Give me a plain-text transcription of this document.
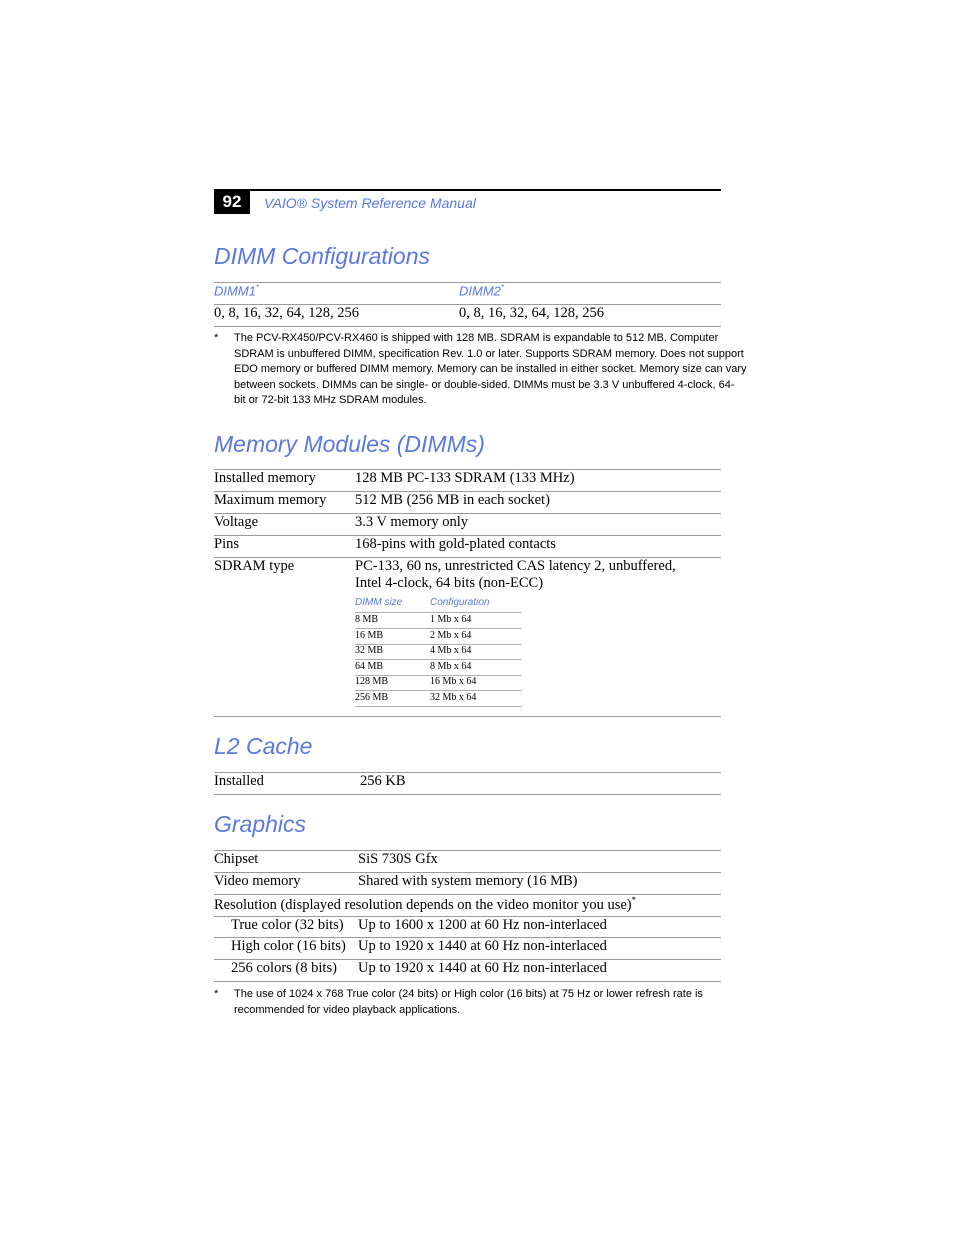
92	VAIO® System Reference Manual
DIMM Configurations
DIMM1*	DIMM2*
0, 8, 16, 32, 64, 128, 256	0, 8, 16, 32, 64, 128, 256
* The PCV-RX450/PCV-RX460 is shipped with 128 MB. SDRAM is expandable to 512 MB. Computer
SDRAM is unbuffered DIMM, specification Rev. 1.0 or later. Supports SDRAM memory. Does not support
EDO memory or buffered DIMM memory. Memory can be installed in either socket. Memory size can vary
between sockets. DIMMs can be single- or double-sided. DIMMs must be 3.3 V unbuffered 4-clock, 64-
bit or 72-bit 133 MHz SDRAM modules.
Memory Modules (DIMMs)
Installed memory	128 MB PC-133 SDRAM (133 MHz)
Maximum memory 512 MB (256 MB in each socket)
Voltage	3.3 V memory only
Pins	168-pins with gold-plated contacts
SDRAM type	PC-133, 60 ns, unrestricted CAS latency 2, unbuffered,
Intel 4-clock, 64 bits (non-ECC)
DIMM size	Configuration
8 MB	1 Mb x 64
16 MB	2 Mb x 64
32 MB	4 Mb x 64
64 MB	8 Mb x 64
128 MB	16 Mb x 64
256 MB	32 Mb x 64
L2 Cache
Installed	256 KB
Graphics
Chipset	SiS 730S Gfx
Video memory	Shared with system memory (16 MB)
Resolution (displayed resolution depends on the video monitor you use)*
True color (32 bits) Up to 1600 x 1200 at 60 Hz non-interlaced
High color (16 bits) Up to 1920 x 1440 at 60 Hz non-interlaced
256 colors (8 bits) Up to 1920 x 1440 at 60 Hz non-interlaced
* The use of 1024 x 768 True color (24 bits) or High color (16 bits) at 75 Hz or lower refresh rate is
recommended for video playback applications.
